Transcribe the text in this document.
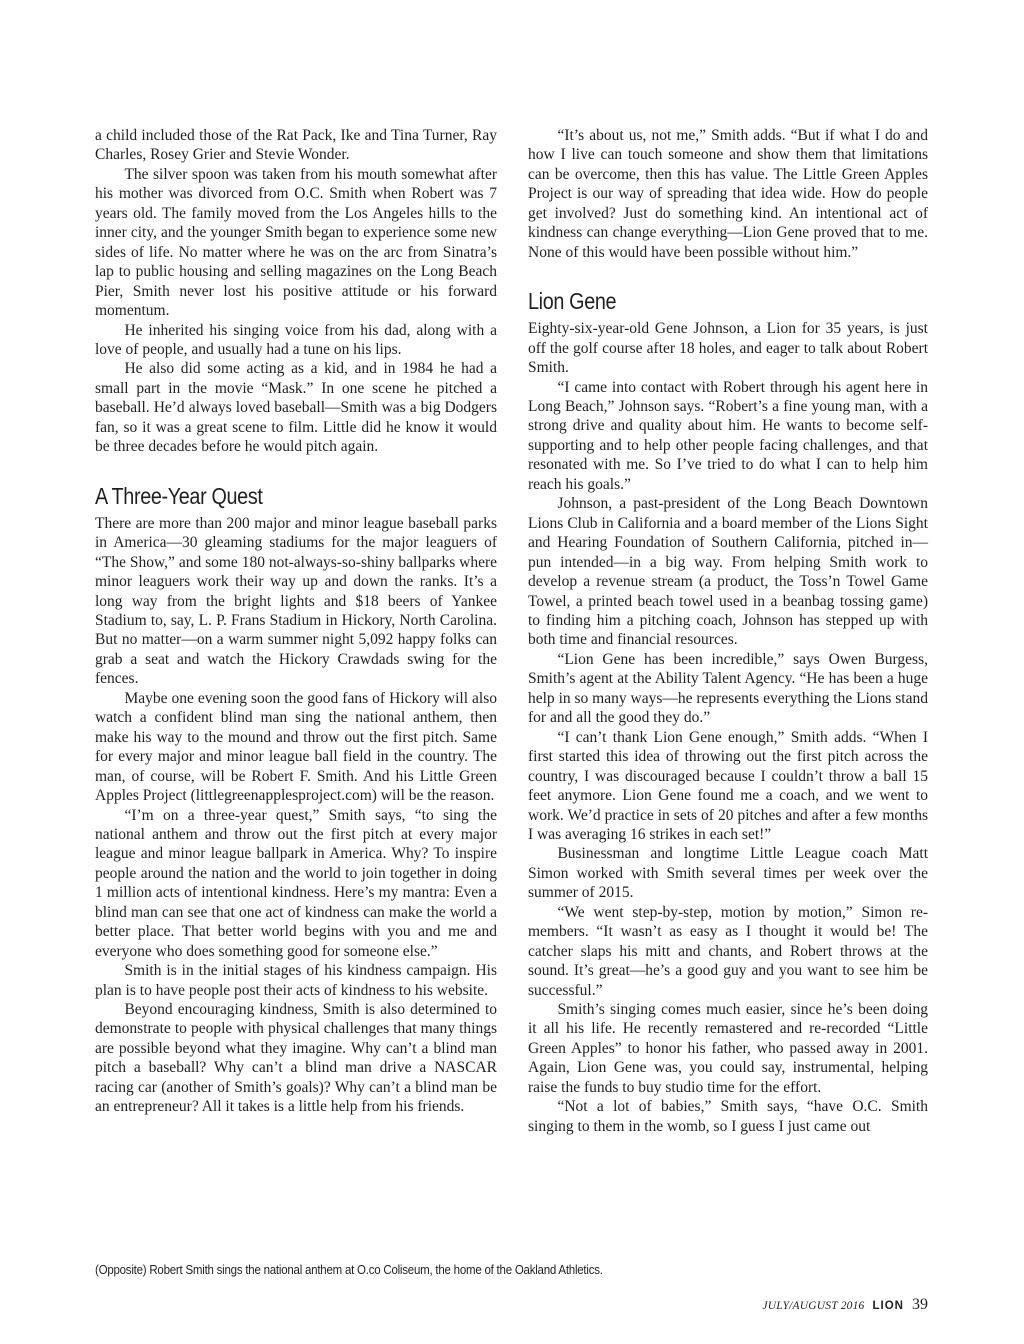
a child included those of the Rat Pack, Ike and Tina Turner, Ray Charles, Rosey Grier and Stevie Wonder.

The silver spoon was taken from his mouth somewhat after his mother was divorced from O.C. Smith when Robert was 7 years old. The family moved from the Los Angeles hills to the inner city, and the younger Smith began to experience some new sides of life. No matter where he was on the arc from Sinatra’s lap to public housing and selling magazines on the Long Beach Pier, Smith never lost his positive attitude or his forward momentum.

He inherited his singing voice from his dad, along with a love of people, and usually had a tune on his lips.

He also did some acting as a kid, and in 1984 he had a small part in the movie “Mask.” In one scene he pitched a baseball. He’d always loved baseball—Smith was a big Dodgers fan, so it was a great scene to film. Little did he know it would be three decades before he would pitch again.

A Three-Year Quest

There are more than 200 major and minor league baseball parks in America—30 gleaming stadiums for the major leaguers of “The Show,” and some 180 not-always-so-shiny ballparks where minor leaguers work their way up and down the ranks. It’s a long way from the bright lights and $18 beers of Yankee Stadium to, say, L. P. Frans Stadium in Hickory, North Carolina. But no matter—on a warm summer night 5,092 happy folks can grab a seat and watch the Hickory Crawdads swing for the fences.

Maybe one evening soon the good fans of Hickory will also watch a confident blind man sing the national anthem, then make his way to the mound and throw out the first pitch. Same for every major and minor league ball field in the country. The man, of course, will be Robert F. Smith. And his Little Green Apples Project (littlegreenapplesproject.com) will be the reason.

“I’m on a three-year quest,” Smith says, “to sing the national anthem and throw out the first pitch at every major league and minor league ballpark in America. Why? To inspire people around the nation and the world to join together in doing 1 million acts of intentional kindness. Here’s my mantra: Even a blind man can see that one act of kindness can make the world a better place. That better world begins with you and me and everyone who does something good for someone else.”

Smith is in the initial stages of his kindness campaign. His plan is to have people post their acts of kindness to his website.

Beyond encouraging kindness, Smith is also determined to demonstrate to people with physical challenges that many things are possible beyond what they imagine. Why can’t a blind man pitch a baseball? Why can’t a blind man drive a NASCAR racing car (another of Smith’s goals)? Why can’t a blind man be an entrepreneur? All it takes is a little help from his friends.

“It’s about us, not me,” Smith adds. “But if what I do and how I live can touch someone and show them that limitations can be overcome, then this has value. The Little Green Apples Project is our way of spreading that idea wide. How do people get involved? Just do something kind. An intentional act of kindness can change everything—Lion Gene proved that to me. None of this would have been possible without him.”

Lion Gene

Eighty-six-year-old Gene Johnson, a Lion for 35 years, is just off the golf course after 18 holes, and eager to talk about Robert Smith.

“I came into contact with Robert through his agent here in Long Beach,” Johnson says. “Robert’s a fine young man, with a strong drive and quality about him. He wants to become self-supporting and to help other people facing challenges, and that resonated with me. So I’ve tried to do what I can to help him reach his goals.”

Johnson, a past-president of the Long Beach Downtown Lions Club in California and a board member of the Lions Sight and Hearing Foundation of Southern California, pitched in—pun intended—in a big way. From helping Smith work to develop a revenue stream (a product, the Toss’n Towel Game Towel, a printed beach towel used in a beanbag tossing game) to finding him a pitching coach, Johnson has stepped up with both time and financial resources.

“Lion Gene has been incredible,” says Owen Burgess, Smith’s agent at the Ability Talent Agency. “He has been a huge help in so many ways—he represents everything the Lions stand for and all the good they do.”

“I can’t thank Lion Gene enough,” Smith adds. “When I first started this idea of throwing out the first pitch across the country, I was discouraged because I couldn’t throw a ball 15 feet anymore. Lion Gene found me a coach, and we went to work. We’d practice in sets of 20 pitches and after a few months I was averaging 16 strikes in each set!”

Businessman and longtime Little League coach Matt Simon worked with Smith several times per week over the summer of 2015.

“We went step-by-step, motion by motion,” Simon remembers. “It wasn’t as easy as I thought it would be! The catcher slaps his mitt and chants, and Robert throws at the sound. It’s great—he’s a good guy and you want to see him be successful.”

Smith’s singing comes much easier, since he’s been doing it all his life. He recently remastered and re-recorded “Little Green Apples” to honor his father, who passed away in 2001. Again, Lion Gene was, you could say, instrumental, helping raise the funds to buy studio time for the effort.

“Not a lot of babies,” Smith says, “have O.C. Smith singing to them in the womb, so I guess I just came out

(Opposite) Robert Smith sings the national anthem at O.co Coliseum, the home of the Oakland Athletics.
JULY/AUGUST 2016 LION 39
